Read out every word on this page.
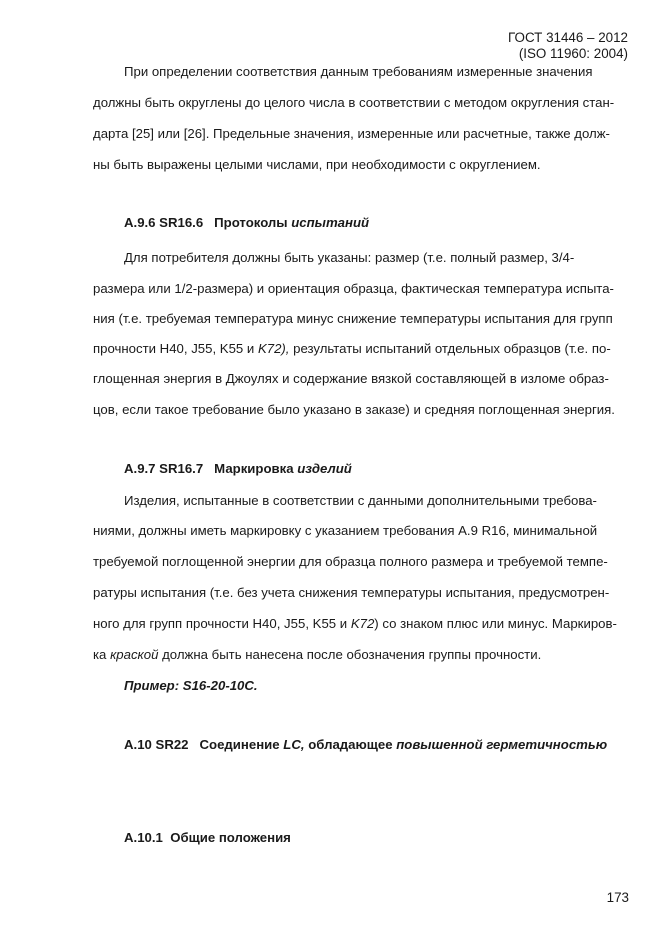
ГОСТ 31446 – 2012
(ISO 11960: 2004)
При определении соответствия данным требованиям измеренные значения
должны быть округлены до целого числа в соответствии с методом округления стан-
дарта [25] или [26]. Предельные значения, измеренные или расчетные, также долж-
ны быть выражены целыми числами, при необходимости с округлением.
А.9.6 SR16.6 Протоколы испытаний
Для потребителя должны быть указаны: размер (т.е. полный размер, 3/4-
размера или 1/2-размера) и ориентация образца, фактическая температура испыта-
ния (т.е. требуемая температура минус снижение температуры испытания для групп
прочности H40, J55, K55 и K72), результаты испытаний отдельных образцов (т.е. по-
глощенная энергия в Джоулях и содержание вязкой составляющей в изломе образ-
цов, если такое требование было указано в заказе) и средняя поглощенная энергия.
А.9.7 SR16.7 Маркировка изделий
Изделия, испытанные в соответствии с данными дополнительными требова-
ниями, должны иметь маркировку с указанием требования А.9 R16, минимальной
требуемой поглощенной энергии для образца полного размера и требуемой темпе-
ратуры испытания (т.е. без учета снижения температуры испытания, предусмотрен-
ного для групп прочности H40, J55, K55 и K72) со знаком плюс или минус. Маркиров-
ка краской должна быть нанесена после обозначения группы прочности.
Пример: S16-20-10C.
А.10 SR22 Соединение LC, обладающее повышенной герметичностью
А.10.1 Общие положения
173
